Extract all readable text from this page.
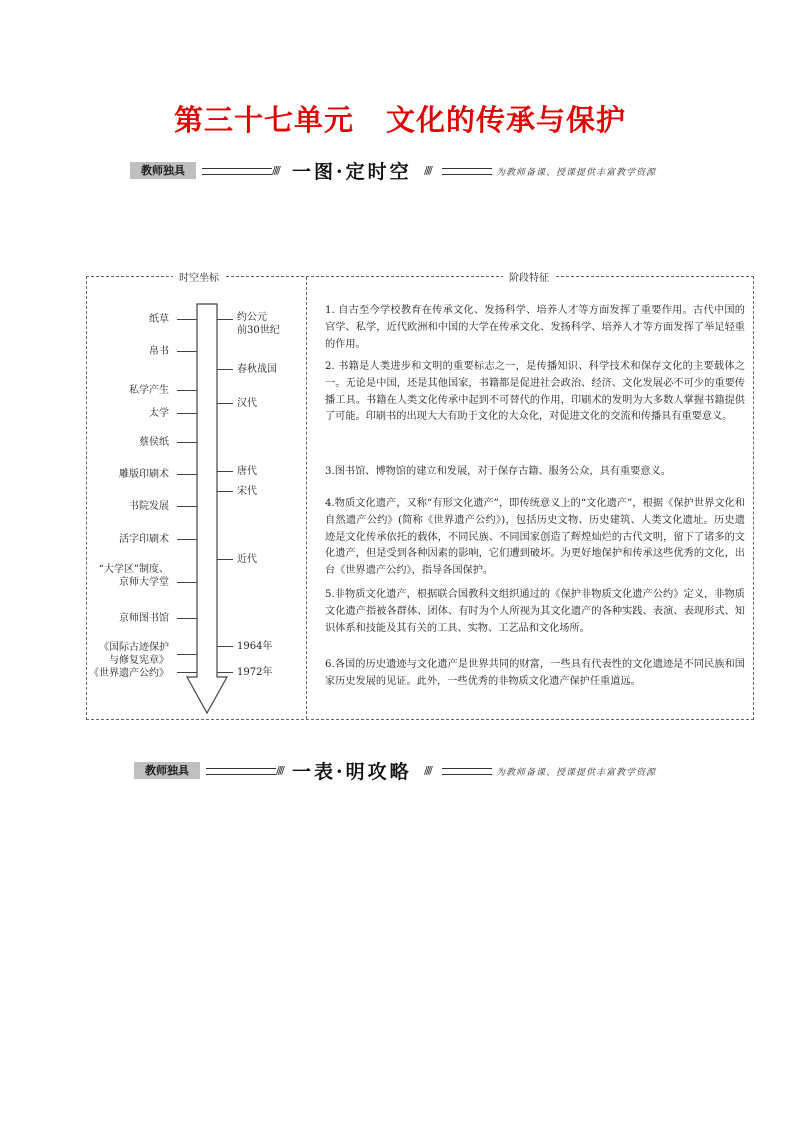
第三十七单元 文化的传承与保护
教师独具	//// 一图·定时空 ////	为教师备课、授课提供丰富教学资源
时空坐标	阶段特征
纸草
帛书
私学产生
太学
蔡侯纸
雕版印刷术
书院发展
活字印刷术
“大学区”制度、
京师大学堂
京师图书馆
《国际古迹保护
与修复宪章》
《世界遗产公约》
约公元
前30世纪
春秋战国
汉代
唐代
宋代
近代
1964年
1972年
1. 自古至今学校教育在传承文化、发扬科学、培养人才等方面发挥了重要作用。古代中国的官学、私学，近代欧洲和中国的大学在传承文化、发扬科学、培养人才等方面发挥了举足轻重的作用。
2. 书籍是人类进步和文明的重要标志之一，是传播知识、科学技术和保存文化的主要载体之一。无论是中国，还是其他国家，书籍都是促进社会政治、经济、文化发展必不可少的重要传播工具。书籍在人类文化传承中起到不可替代的作用，印刷术的发明为大多数人掌握书籍提供了可能。印刷书的出现大大有助于文化的大众化，对促进文化的交流和传播具有重要意义。
3.图书馆、博物馆的建立和发展，对于保存古籍、服务公众，具有重要意义。
4.物质文化遗产，又称“有形文化遗产”，即传统意义上的“文化遗产”，根据《保护世界文化和自然遗产公约》(简称《世界遗产公约》)，包括历史文物、历史建筑、人类文化遗址。历史遗迹是文化传承依托的载体，不同民族、不同国家创造了辉煌灿烂的古代文明，留下了诸多的文化遗产，但是受到各种因素的影响，它们遭到破坏。为更好地保护和传承这些优秀的文化，出台《世界遗产公约》，指导各国保护。
5.非物质文化遗产，根据联合国教科文组织通过的《保护非物质文化遗产公约》定义，非物质文化遗产指被各群体、团体、有时为个人所视为其文化遗产的各种实践、表演、表现形式、知识体系和技能及其有关的工具、实物、工艺品和文化场所。
6.各国的历史遗迹与文化遗产是世界共同的财富，一些具有代表性的文化遗迹是不同民族和国家历史发展的见证。此外，一些优秀的非物质文化遗产保护任重道远。
教师独具	//// 一表·明攻略 ////	为教师备课、授课提供丰富教学资源
